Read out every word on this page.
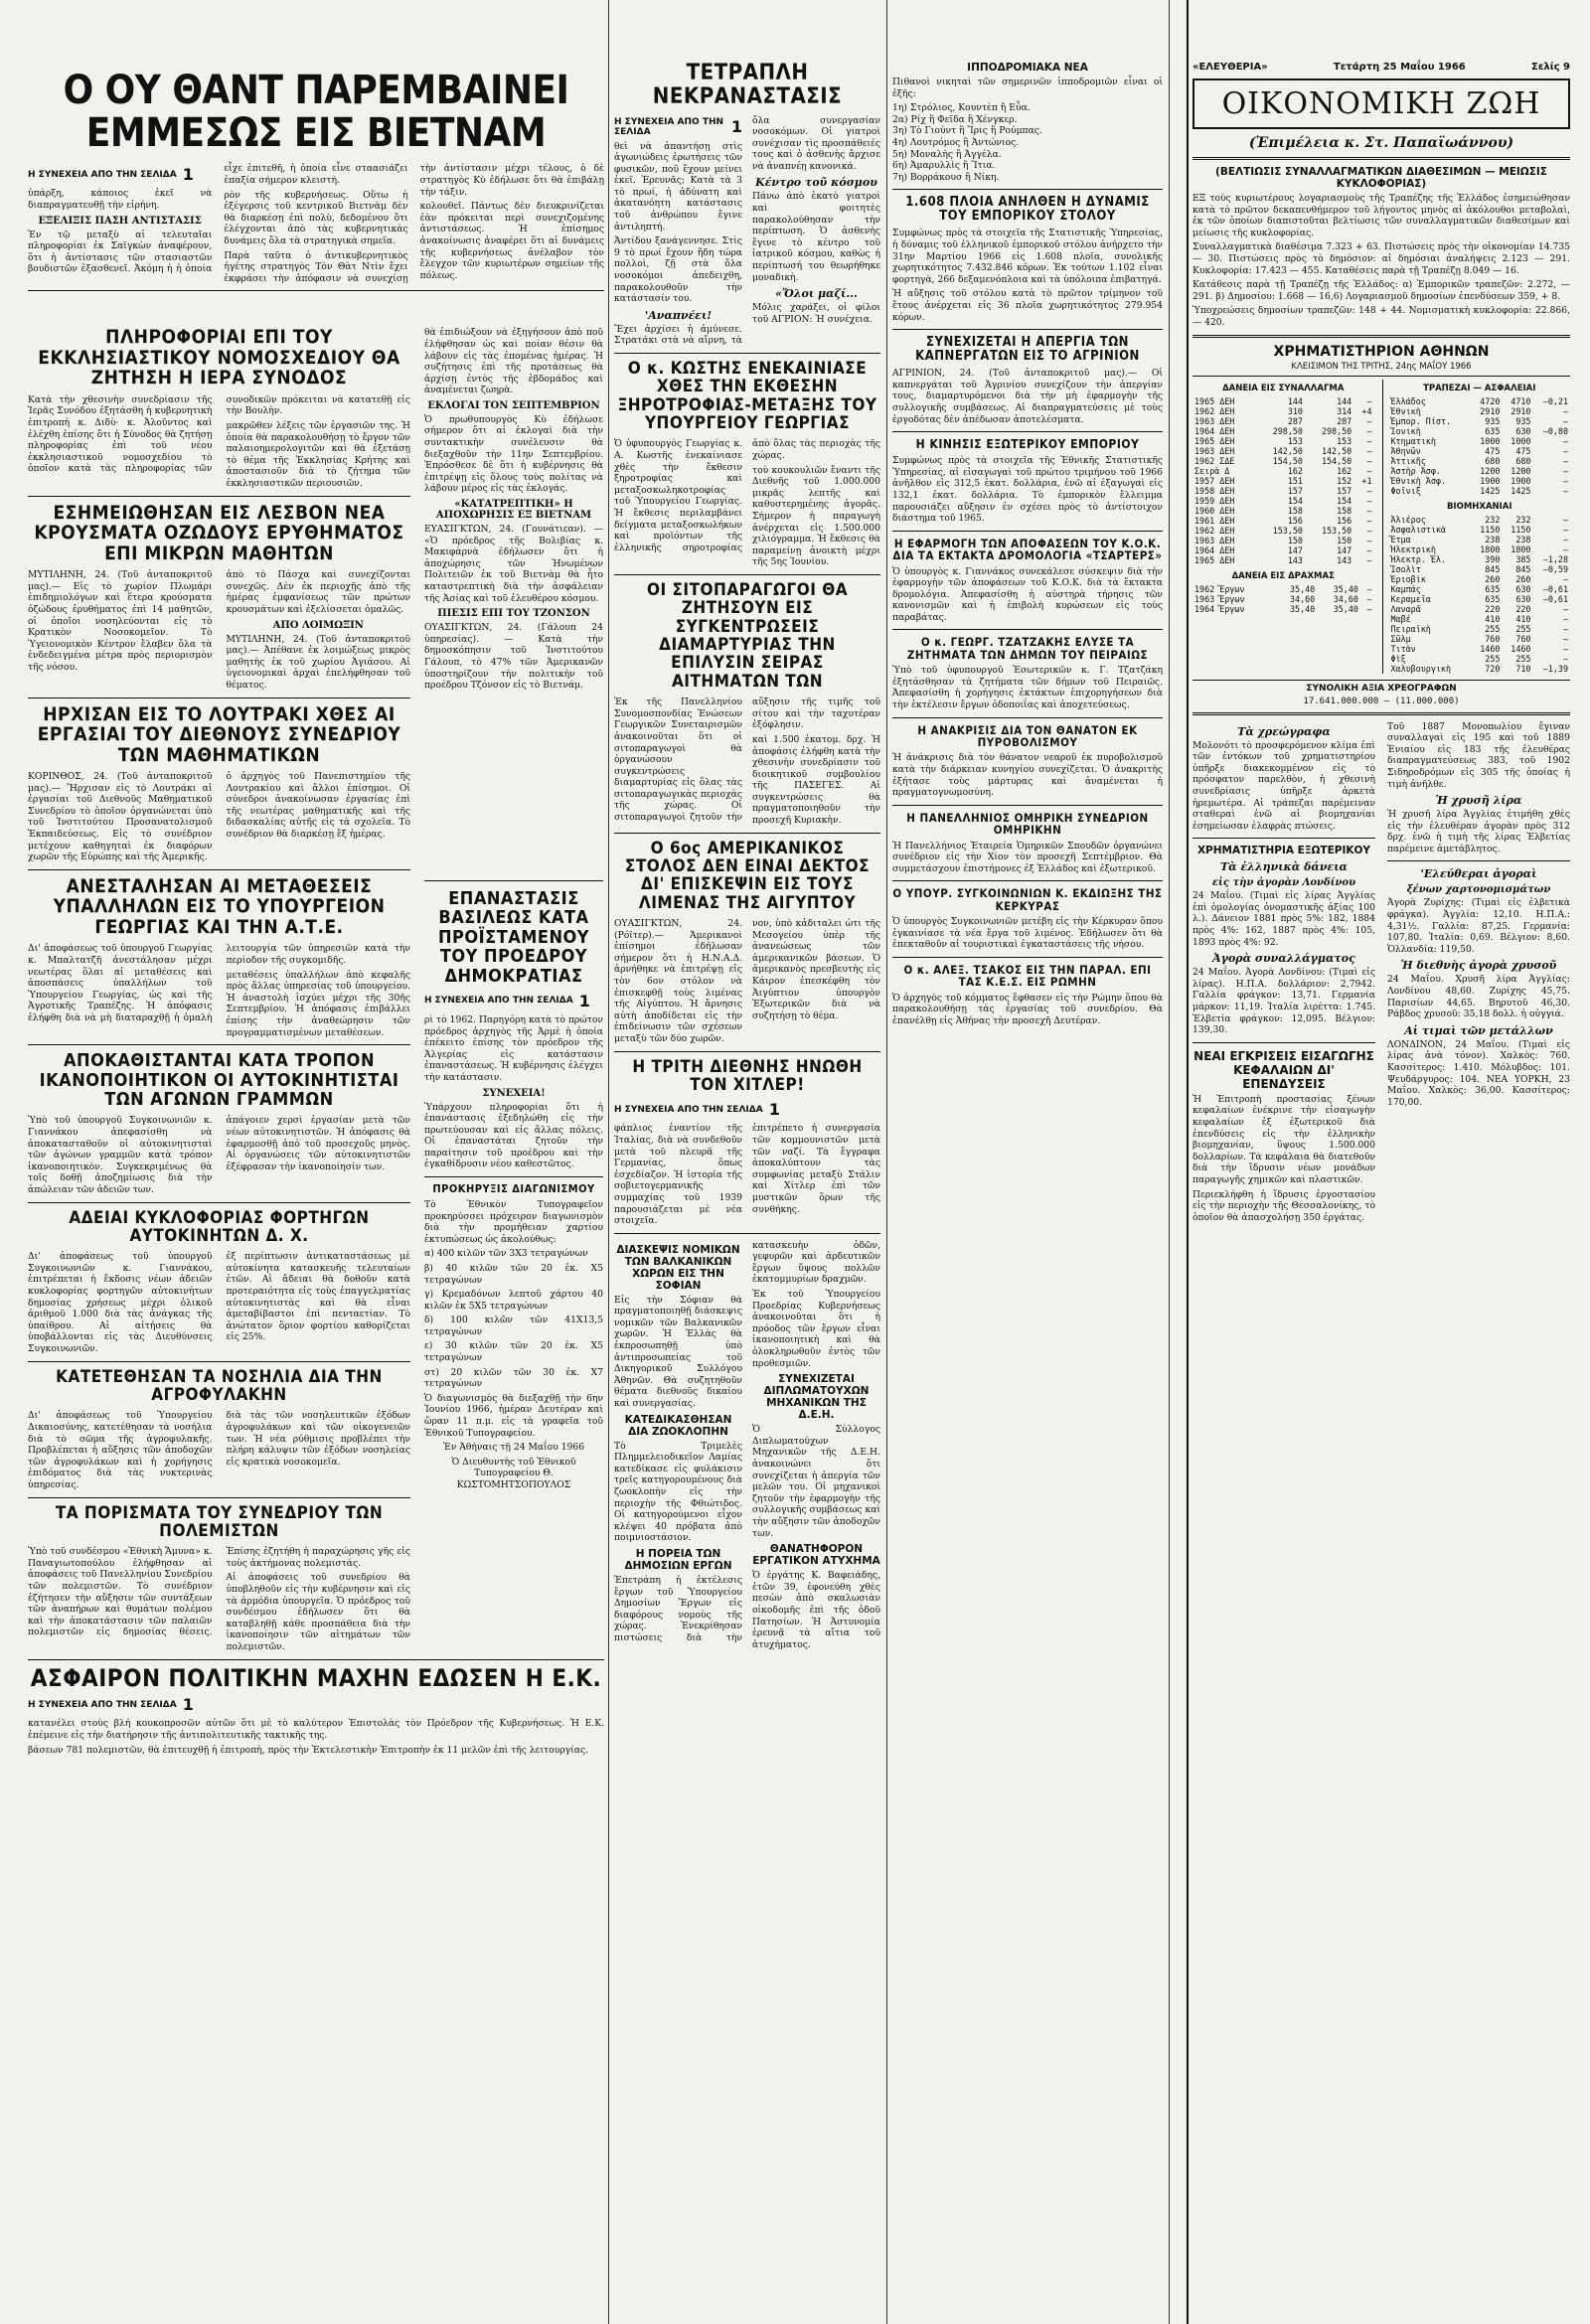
Ο ΟΥ ΘΑΝΤ ΠΑΡΕΜΒΑΙΝΕΙ ΕΜΜΕΣΩΣ ΕΙΣ ΒΙΕΤΝΑΜ
Η ΣΥΝΕΧΕΙΑ ΑΠΟ ΤΗΝ ΣΕΛΙΔΑ 1

ὑπάρξη, κάποιος ἐκεῖ νὰ διαπραγματευθῇ τὴν εἰρήνη.

ΕΞΕΛΙΞΙΣ ΠΑΣΗ ΑΝΤΙΣΤΑΣΙΣ

Ἐν τῷ μεταξὺ αἱ τελευταῖαι πληροφορίαι ἐκ Σαϊγκὼν ἀναφέρουν, ὅτι ἡ ἀντίστασις τῶν στασιαστῶν βουδιστῶν ἐξασθενεῖ. Ἀκόμη ἡ ἡ ὁποία εἶχε ἐπιτεθῆ, ἡ ὁποία εἶνε σταασιάζει ἐπαξία σήμερον κλειστὴ.

ρὸν τῆς κυβερνήσεως. Οὕτω ἡ ἐξέγερσις τοῦ κεντρικοῦ Βιετνὰμ δὲν θὰ διαρκέσῃ ἐπὶ πολὺ, δεδομένου ὅτι ἐλέγχονται ἀπὸ τὰς κυβερνητικὰς δυνάμεις ὅλα τὰ στρατηγικὰ σημεῖα.

Παρὰ ταῦτα ὁ ἀντικυβερνητικὸς ἡγέτης στρατηγὸς Τὸν Θὰτ Ντὶν ἔχει ἐκφράσει τὴν ἀπόφασιν νὰ συνεχίσῃ τὴν ἀντίστασιν μέχρι τέλους, ὁ δὲ στρατηγὸς Κὺ ἐδήλωσε ὅτι θὰ ἐπιβάλῃ τὴν τάξιν.

κολουθεῖ. Πάντως δὲν διευκρινίζεται ἐὰν πρόκειται περὶ συνεχιζομένης ἀντιστάσεως. Ἡ ἐπίσημος ἀνακοίνωσις ἀναφέρει ὅτι αἱ δυνάμεις τῆς κυβερνήσεως ἀνέλαβον τὸν ἔλεγχον τῶν κυριωτέρων σημείων τῆς πόλεως.

ΠΛΗΡΟΦΟΡΙΑΙ ΕΠΙ ΤΟΥ ΕΚΚΛΗΣΙΑΣΤΙΚΟΥ ΝΟΜΟΣΧΕΔΙΟΥ ΘΑ ΖΗΤΗΣΗ Η ΙΕΡΑ ΣΥΝΟΔΟΣ

Κατὰ τὴν χθεσινὴν συνεδρίασιν τῆς Ἱερᾶς Συνόδου ἐξητάσθη ἡ κυβερνητικὴ ἐπιτροπὴ κ. Διδὺ· κ. Ἀλοῦντος καὶ ἐλέχθη ἐπίσης ὅτι ἡ Σύνοδος θὰ ζητήσῃ πληροφορίας ἐπὶ τοῦ νέου ἐκκλησιαστικοῦ νομοσχεδίου τὸ ὁποῖον κατὰ τὰς πληροφορίας τῶν συνοδικῶν πρόκειται νὰ κατατεθῇ εἰς τὴν Βουλὴν.

μακρῶθεν λέξεις τῶν ἐργασιῶν της. Ἡ ὁποία θὰ παρακολουθήσῃ τὸ ἔργον τῶν παλαιοημερολογιτῶν καὶ θὰ ἐξετάσῃ τὸ θέμα τῆς Ἐκκλησίας Κρήτης καὶ ἀποστασιοῦν διὰ τὸ ζήτημα τῶν ἐκκλησιαστικῶν περιουσιῶν.

ΕΣΗΜΕΙΩΘΗΣΑΝ ΕΙΣ ΛΕΣΒΟΝ ΝΕΑ ΚΡΟΥΣΜΑΤΑ ΟΖΩΔΟΥΣ ΕΡΥΘΗΜΑΤΟΣ ΕΠΙ ΜΙΚΡΩΝ ΜΑΘΗΤΩΝ

ΜΥΤΙΛΗΝΗ, 24. (Τοῦ ἀνταποκριτοῦ μας).— Εἰς τὸ χωρίον Πλωμάρι ἐπιδημιολόγων καὶ ἕτερα κρούσματα ὀζώδους ἐρυθήματος ἐπὶ 14 μαθητῶν, οἱ ὁποῖοι νοσηλεύονται εἰς τὸ Κρατικὸν Νοσοκομεῖον. Τὸ Ὑγειονομικὸν Κέντρον ἔλαβεν ὅλα τὰ ἐνδεδειγμένα μέτρα πρὸς περιορισμὸν τῆς νόσου.

ἀπὸ τὸ Πάσχα καὶ συνεχίζονται συνεχῶς. Δὲν ἐκ περιοχῆς ἀπὸ τῆς ἡμέρας ἐμφανίσεως τῶν πρώτων κρουσμάτων καὶ ἐξελίσσεται ὁμαλῶς.

ΑΠΟ ΛΟΙΜΩΞΙΝ

ΜΥΤΙΛΗΝΗ, 24. (Τοῦ ἀνταποκριτοῦ μας).— Ἀπέθανε ἐκ λοιμώξεως μικρὸς μαθητὴς ἐκ τοῦ χωρίου Ἀγιάσου. Αἱ ὑγειονομικαὶ ἀρχαὶ ἐπελήφθησαν τοῦ θέματος.

ΗΡΧΙΣΑΝ ΕΙΣ ΤΟ ΛΟΥΤΡΑΚΙ ΧΘΕΣ ΑΙ ΕΡΓΑΣΙΑΙ ΤΟΥ ΔΙΕΘΝΟΥΣ ΣΥΝΕΔΡΙΟΥ ΤΩΝ ΜΑΘΗΜΑΤΙΚΩΝ

ΚΟΡΙΝΘΟΣ, 24. (Τοῦ ἀνταποκριτοῦ μας).— Ἤρχισαν εἰς τὸ Λουτράκι αἱ ἐργασίαι τοῦ Διεθνοῦς Μαθηματικοῦ Συνεδρίου τὸ ὁποῖον ὀργανώνεται ὑπὸ τοῦ Ἰνστιτούτου Προσανατολισμοῦ Ἐκπαιδεύσεως. Εἰς τὸ συνέδριον μετέχουν καθηγηταὶ ἐκ διαφόρων χωρῶν τῆς Εὐρώπης καὶ τῆς Ἀμερικῆς.

ὁ ἀρχηγὸς τοῦ Πανεπιστημίου τῆς Λουτρακίου καὶ ἄλλοι ἐπίσημοι. Οἱ σύνεδροι ἀνακοίνωσαν ἐργασίας ἐπὶ τῆς νεωτέρας μαθηματικῆς καὶ τῆς διδασκαλίας αὐτῆς εἰς τὰ σχολεῖα. Τὸ συνέδριον θὰ διαρκέσῃ ἕξ ἡμέρας.

ΑΝΕΣΤΑΛΗΣΑΝ ΑΙ ΜΕΤΑΘΕΣΕΙΣ ΥΠΑΛΛΗΛΩΝ ΕΙΣ ΤΟ ΥΠΟΥΡΓΕΙΟΝ ΓΕΩΡΓΙΑΣ ΚΑΙ ΤΗΝ Α.Τ.Ε.

Δι' ἀποφάσεως τοῦ ὑπουργοῦ Γεωργίας κ. Μπαλτατζῆ ἀνεστάλησαν μέχρι νεωτέρας ὅλαι αἱ μεταθέσεις καὶ ἀποσπάσεις ὑπαλλήλων τοῦ Ὑπουργείου Γεωργίας, ὡς καὶ τῆς Ἀγροτικῆς Τραπέζης. Ἡ ἀπόφασις ἐλήφθη διὰ νὰ μὴ διαταραχθῇ ἡ ὁμαλὴ λειτουργία τῶν ὑπηρεσιῶν κατὰ τὴν περίοδον τῆς συγκομιδῆς.

μεταθέσεις ὑπαλλήλων ἀπὸ κεφαλῆς πρὸς ἄλλας ὑπηρεσίας τοῦ ὑπουργείου. Ἡ ἀναστολὴ ἰσχύει μέχρι τῆς 30ῆς Σεπτεμβρίου. Ἡ ἀπόφασις ἐπιβάλλει ἐπίσης τὴν ἀναθεώρησιν τῶν προγραμματισμένων μεταθέσεων.

ΑΠΟΚΑΘΙΣΤΑΝΤΑΙ ΚΑΤΑ ΤΡΟΠΟΝ ΙΚΑΝΟΠΟΙΗΤΙΚΟΝ ΟΙ ΑΥΤΟΚΙΝΗΤΙΣΤΑΙ ΤΩΝ ΑΓΩΝΩΝ ΓΡΑΜΜΩΝ

Ὑπὸ τοῦ ὑπουργοῦ Συγκοινωνιῶν κ. Γιαννάκου ἀπεφασίσθη νὰ ἀποκατασταθοῦν οἱ αὐτοκινητισταὶ τῶν ἀγώνων γραμμῶν κατὰ τρόπον ἱκανοποιητικὸν. Συγκεκριμένως θὰ τοῖς δοθῇ ἀποζημίωσις διὰ τὴν ἀπώλειαν τῶν ἀδειῶν των.

ἀπάγοιεν χερσὶ ἐργασίαν μετὰ τῶν νέων αὐτοκινητιστῶν. Ἡ ἀπόφασις θὰ ἐφαρμοσθῇ ἀπὸ τοῦ προσεχοῦς μηνὸς. Αἱ ὀργανώσεις τῶν αὐτοκινητιστῶν ἐξέφρασαν τὴν ἱκανοποίησίν των.

ΑΔΕΙΑΙ ΚΥΚΛΟΦΟΡΙΑΣ ΦΟΡΤΗΓΩΝ ΑΥΤΟΚΙΝΗΤΩΝ Δ. Χ.

Δι' ἀποφάσεως τοῦ ὑπουργοῦ Συγκοινωνιῶν κ. Γιαννάκου, ἐπιτρέπεται ἡ ἔκδοσις νέων ἀδειῶν κυκλοφορίας φορτηγῶν αὐτοκινήτων δημοσίας χρήσεως μέχρι ὁλικοῦ ἀριθμοῦ 1.000 διὰ τὰς ἀνάγκας τῆς ὑπαίθρου. Αἱ αἰτήσεις θὰ ὑποβάλλονται εἰς τὰς Διευθύνσεις Συγκοινωνιῶν.

ἐξ περίπτωσιν ἀντικαταστάσεως μὲ αὐτοκίνητα κατασκευῆς τελευταίων ἐτῶν. Αἱ ἄδειαι θὰ δοθοῦν κατὰ προτεραιότητα εἰς τοὺς ἐπαγγελματίας αὐτοκινητιστὰς καὶ θὰ εἶναι ἀμεταβίβαστοι ἐπὶ πενταετίαν. Τὸ ἀνώτατον ὅριον φορτίου καθορίζεται εἰς 25%.

ΚΑΤΕΤΕΘΗΣΑΝ ΤΑ ΝΟΣΗΛΙΑ ΔΙΑ ΤΗΝ ΑΓΡΟΦΥΛΑΚΗΝ

Δι' ἀποφάσεως τοῦ Ὑπουργείου Δικαιοσύνης, κατετέθησαν τὰ νοσήλια διὰ τὸ σῶμα τῆς ἀγροφυλακῆς. Προβλέπεται ἡ αὔξησις τῶν ἀποδοχῶν τῶν ἀγροφυλάκων καὶ ἡ χορήγησις ἐπιδόματος διὰ τὰς νυκτερινὰς ὑπηρεσίας.

διὰ τὰς τῶν νοσηλευτικῶν ἐξόδων ἀγροφυλάκων καὶ τῶν οἰκογενειῶν των. Ἡ νέα ρύθμισις προβλέπει τὴν πλήρη κάλυψιν τῶν ἐξόδων νοσηλείας εἰς κρατικὰ νοσοκομεῖα.

ΤΑ ΠΟΡΙΣΜΑΤΑ ΤΟΥ ΣΥΝΕΔΡΙΟΥ ΤΩΝ ΠΟΛΕΜΙΣΤΩΝ

Ὑπὸ τοῦ συνδέσμου «Ἐθνικὴ Ἄμυνα» κ. Παναγιωτοπούλου ἐλήφθησαν αἱ ἀποφάσεις τοῦ Πανελληνίου Συνεδρίου τῶν πολεμιστῶν. Τὸ συνέδριον ἐζήτησεν τὴν αὔξησιν τῶν συντάξεων τῶν ἀναπήρων καὶ θυμάτων πολέμου καὶ τὴν ἀποκατάστασιν τῶν παλαιῶν πολεμιστῶν εἰς δημοσίας θέσεις. Ἐπίσης ἐζητήθη ἡ παραχώρησις γῆς εἰς τοὺς ἀκτήμονας πολεμιστάς.

Αἱ ἀποφάσεις τοῦ συνεδρίου θὰ ὑποβληθοῦν εἰς τὴν κυβέρνησιν καὶ εἰς τὰ ἀρμόδια ὑπουργεῖα. Ὁ πρόεδρος τοῦ συνδέσμου ἐδήλωσεν ὅτι θὰ καταβληθῇ κάθε προσπάθεια διὰ τὴν ἱκανοποίησιν τῶν αἰτημάτων τῶν πολεμιστῶν.

θὰ ἐπιδιώξουν νὰ ἐξηγήσουν ἀπὸ ποῦ ἐλήφθησαν ὡς καὶ ποίαν θέσιν θὰ λάβουν εἰς τὰς ἐπομένας ἡμέρας. Ἡ συζήτησις ἐπὶ τῆς προτάσεως θὰ ἀρχίσῃ ἐντὸς τῆς ἑβδομάδος καὶ ἀναμένεται ζωηρὰ.

ΕΚΛΟΓΑΙ ΤΟΝ ΣΕΠΤΕΜΒΡΙΟΝ

Ὁ πρωθυπουργὸς Κὺ ἐδήλωσε σήμερον ὅτι αἱ ἐκλογαὶ διὰ τὴν συντακτικὴν συνέλευσιν θὰ διεξαχθοῦν τὴν 11ην Σεπτεμβρίου. Ἐπρόσθεσε δὲ ὅτι ἡ κυβέρνησις θὰ ἐπιτρέψῃ εἰς ὅλους τοὺς πολίτας νὰ λάβουν μέρος εἰς τὰς ἐκλογάς.

«ΚΑΤΑΤΡΕΠΤΙΚΗ» Η ΑΠΟΧΩΡΗΣΙΣ ΕΞ ΒΙΕΤΝΑΜ

ΕΥΑΣΙΓΚΤΩΝ, 24. (Γουνάτιεαν). — «Ὁ πρόεδρος τῆς Βολιβίας κ. Μακιφὰρνὰ ἐδήλωσεν ὅτι ἡ ἀποχώρησις τῶν Ἡνωμένων Πολιτειῶν ἐκ τοῦ Βιετνὰμ θὰ ἦτο καταστρεπτικὴ διὰ τὴν ἀσφάλειαν τῆς Ἀσίας καὶ τοῦ ἐλευθέρου κόσμου.

ΠΙΕΣΙΣ ΕΠΙ ΤΟΥ ΤΖΟΝΣΟΝ

ΟΥΑΣΙΓΚΤΩΝ, 24. (Γάλουπ 24 ὑπηρεσίας). — Κατὰ τὴν δημοσκόπησιν τοῦ Ἰνστιτούτου Γάλουπ, τὸ 47% τῶν Ἀμερικανῶν ὑποστηρίζουν τὴν πολιτικὴν τοῦ προέδρου Τζόνσον εἰς τὸ Βιετνάμ.

ΕΠΑΝΑΣΤΑΣΙΣ ΒΑΣΙΛΕΩΣ ΚΑΤΑ ΠΡΟΪΣΤΑΜΕΝΟΥ ΤΟΥ ΠΡΟΕΔΡΟΥ ΔΗΜΟΚΡΑΤΙΑΣ
Η ΣΥΝΕΧΕΙΑ ΑΠΟ ΤΗΝ ΣΕΛΙΔΑ 1

ρὶ τὸ 1962. Παρηγόρη κατὰ τὸ πρώτον πρόεδρος ἀρχηγὸς τῆς Ἀρμὲ ἡ ὁποία ἐπέκειτο ἐπίσης τὸν πρόεδρον τῆς Ἀλγερίας εἰς κατάστασιν ἐπαναστάσεως. Ἡ κυβέρνησις ἐλέγχει τὴν κατάστασιν.

ΣΥΝΕΧΕΙΑ!

Ὑπάρχουν πληροφορίαι ὅτι ἡ ἐπανάστασις ἐξεδηλώθη εἰς τὴν πρωτεύουσαν καὶ εἰς ἄλλας πόλεις. Οἱ ἐπαναστάται ζητοῦν τὴν παραίτησιν τοῦ προέδρου καὶ τὴν ἐγκαθίδρυσιν νέου καθεστῶτος.

ΠΡΟΚΗΡΥΞΙΣ ΔΙΑΓΩΝΙΣΜΟΥ

Τὸ Ἐθνικὸν Τυπογραφεῖον προκηρύσσει πρόχειρον διαγωνισμὸν διὰ τὴν προμήθειαν χαρτίου ἐκτυπώσεως ὡς ἀκολούθως:

α) 400 κιλῶν τῶν 3X3 τετραγώνων

β) 40 κιλῶν τῶν 20 ἐκ. Χ5 τετραγώνων

γ) Κρεμαδόνων λεπτοῦ χάρτου 40 κιλῶν ἐκ 5X5 τετραγώνων

δ) 100 κιλῶν τῶν 41X13,5 τετραγώνων

ε) 30 κιλῶν τῶν 20 ἐκ. Χ5 τετραγώνων

στ) 20 κιλῶν τῶν 30 ἐκ. Χ7 τετραγώνων

Ὁ διαγωνισμὸς θὰ διεξαχθῇ τὴν 6ην Ἰουνίου 1966, ἡμέραν Δευτέραν καὶ ὥραν 11 π.μ. εἰς τὰ γραφεῖα τοῦ Ἐθνικοῦ Τυπογραφείου.

Ἐν Ἀθήναις τῇ 24 Μαΐου 1966

Ὁ Διευθυντὴς τοῦ Ἐθνικοῦ Τυπογραφείου Θ. ΚΩΣΤΟΜΗΤΣΟΠΟΥΛΟΣ

ΑΣΦΑΙΡΟΝ ΠΟΛΙΤΙΚΗΝ ΜΑΧΗΝ ΕΔΩΣΕΝ Η Ε.Κ.
Η ΣΥΝΕΧΕΙΑ ΑΠΟ ΤΗΝ ΣΕΛΙΔΑ 1

κατανέλει στοὺς βλή κουκοπροσῶν αὐτῶν ὅτι μὲ τὸ καλύτερον Ἐπιστολὰς τὸν Πρόεδρον τῆς Κυβερνήσεως. Ἡ Ε.Κ. ἐπέμεινε εἰς τὴν διατήρησιν τῆς ἀντιπολιτευτικῆς τακτικῆς της.

βάσεων 781 πολεμιστῶν, θὰ ἐπιτευχθῇ ἡ ἐπιτροπὴ, πρὸς τὴν Ἐκτελεστικὴν Ἐπιτροπὴν ἐκ 11 μελῶν ἐπὶ τῆς λειτουργίας.

ΤΕΤΡΑΠΛΗ ΝΕΚΡΑΝΑΣΤΑΣΙΣ
Η ΣΥΝΕΧΕΙΑ ΑΠΟ ΤΗΝ ΣΕΛΙΔΑ	1

θεὶ νὰ ἀπαντήσῃ στὶς ἀγωνιώδεις ἐρωτήσεις τῶν φυσικῶν, ποῦ ἔχουν μείνει ἐκεῖ. Ἐρευνᾶς; Κατὰ τὰ 3 τὸ πρωί, ἡ ἀδύνατη καὶ ἀκατανόητη κατάστασις τοῦ ἀνθρώπου ἔγινε ἀντιληπτή.

Ἀντίδου ξανάγεννησε. Στὶς 9 τὸ πρωί ἔχουν ἤδη τώρα πολλοὶ, ζῇ στὰ ὅλα νοσοκόμοι ἀπεδειχθη, παρακολουθοῦν τὴν κατάστασίν του.

'Αναπνέει!

Ἔχει ἀρχίσει ἡ ἀμύνεσε. Στρατάκι στὰ νὰ αἴρνη, τὰ ὄλα συνεργασίαν νοσοκόμων. Οἱ γιατροὶ συνέχισαν τὶς προσπάθειές τους καὶ ὁ ἀσθενὴς ἄρχισε νὰ ἀναπνέῃ κανονικά.

Κέντρο τοῦ κόσμου

Πάνω ἀπὸ ἑκατὸ γιατροὶ καὶ φοιτητὲς παρακολούθησαν τὴν περίπτωση. Ὁ ἀσθενὴς ἔγινε τὸ κέντρο τοῦ ἰατρικοῦ κόσμου, καθὼς ἡ περίπτωσή του θεωρήθηκε μοναδικὴ.

«Ὅλοι μαζί...

Μόλις χαράξει, οἱ φίλοι τοῦ ΑΓΡΙΟΝ: Ἡ συνέχεια.

Ο κ. ΚΩΣΤΗΣ ΕΝΕΚΑΙΝΙΑΣΕ ΧΘΕΣ ΤΗΝ ΕΚΘΕΣΗΝ ΞΗΡΟΤΡΟΦΙΑΣ-ΜΕΤΑΞΗΣ ΤΟΥ ΥΠΟΥΡΓΕΙΟΥ ΓΕΩΡΓΙΑΣ

Ὁ ὑφυπουργὸς Γεωργίας κ. Α. Κωστῆς ἐνεκαίνιασε χθὲς τὴν ἔκθεσιν ξηροτροφίας καὶ μεταξοσκωληκοτροφίας τοῦ Ὑπουργείου Γεωργίας. Ἡ ἔκθεσις περιλαμβάνει δείγματα μεταξοσκωλήκων καὶ προϊόντων τῆς ἑλληνικῆς σηροτροφίας ἀπὸ ὅλας τὰς περιοχὰς τῆς χώρας.

τοὺ κουκουλιῶν ἔναντι τῆς Διεθνῆς τοῦ 1.000.000 μικρᾶς λεπτῆς καὶ καθυστερημένης ἀγορᾶς. Σήμερον ἡ παραγωγὴ ἀνέρχεται εἰς 1.500.000 χιλιόγραμμα. Ἡ ἔκθεσις θὰ παραμείνῃ ἀνοικτὴ μέχρι τῆς 5ης Ἰουνίου.

ΟΙ ΣΙΤΟΠΑΡΑΓΩΓΟΙ ΘΑ ΖΗΤΗΣΟΥΝ ΕΙΣ ΣΥΓΚΕΝΤΡΩΣΕΙΣ ΔΙΑΜΑΡΤΥΡΙΑΣ ΤΗΝ ΕΠΙΛΥΣΙΝ ΣΕΙΡΑΣ ΑΙΤΗΜΑΤΩΝ ΤΩΝ

Ἐκ τῆς Πανελληνίου Συνομοσπονδίας Ἑνώσεων Γεωργικῶν Συνεταιρισμῶν ἀνακοινοῦται ὅτι οἱ σιτοπαραγωγοὶ θὰ ὀργανώσουν συγκεντρώσεις διαμαρτυρίας εἰς ὅλας τὰς σιτοπαραγωγικὰς περιοχὰς τῆς χώρας. Οἱ σιτοπαραγωγοὶ ζητοῦν τὴν αὔξησιν τῆς τιμῆς τοῦ σίτου καὶ τὴν ταχυτέραν ἐξόφλησιν.

καὶ 1.500 ἐκατομ. δρχ. Ἡ ἀποφάσις ἐλήφθη κατὰ τὴν χθεσινὴν συνεδρίασιν τοῦ διοικητικοῦ συμβουλίου τῆς ΠΑΣΕΓΕΣ. Αἱ συγκεντρώσεις θὰ πραγματοποιηθοῦν τὴν προσεχῆ Κυριακὴν.

Ο 6ος ΑΜΕΡΙΚΑΝΙΚΟΣ ΣΤΟΛΟΣ ΔΕΝ ΕΙΝΑΙ ΔΕΚΤΟΣ ΔΙ' ΕΠΙΣΚΕΨΙΝ ΕΙΣ ΤΟΥΣ ΛΙΜΕΝΑΣ ΤΗΣ ΑΙΓΥΠΤΟΥ

ΟΥΑΣΙΓΚΤΩΝ, 24. (Ρόϊτερ).— Ἀμερικανοὶ ἐπίσημοι ἐδήλωσαν σήμερον ὅτι ἡ Η.Ν.Α.Δ. ἀρνήθηκε νὰ ἐπιτρέψῃ εἰς τὸν 6ον στόλον νὰ ἐπισκεφθῇ τοὺς λιμένας τῆς Αἰγύπτου. Ἡ ἄρνησις αὐτὴ ἀποδίδεται εἰς τὴν ἐπιδείνωσιν τῶν σχέσεων μεταξὺ τῶν δύο χωρῶν.

νον, ὑπὸ κἀδιταλει ὡτι τῆς Μεσογείου ὑπὲρ τῆς ἀνανεώσεως τῶν ἀμερικανικῶν βάσεων. Ὁ ἀμερικανὸς πρεσβευτὴς εἰς Κάιρον ἐπεσκέφθη τὸν Ἀιγύπτιον ὑπουργὸν Ἐξωτερικῶν διὰ νὰ συζητήσῃ τὸ θέμα.

Η ΤΡΙΤΗ ΔΙΕΘΝΗΣ ΗΝΩΘΗ ΤΟΝ ΧΙΤΛΕΡ!
Η ΣΥΝΕΧΕΙΑ ΑΠΟ ΤΗΝ ΣΕΛΙΔΑ 1

φάπλιος ἐναντίον τῆς Ἰταλίας, διὰ νὰ συνδεθοῦν μετὰ τοῦ πλευρᾶ τῆς Γερμανίας, ὅπως ἐσχεδίαζον. Ἡ ἱστορία τῆς σοβιετογερμανικῆς συμμαχίας τοῦ 1939 παρουσιάζεται μὲ νέα στοιχεῖα.

ἐπιτρέπετο ἡ συνεργασία τῶν κομμουνιστῶν μετὰ τῶν ναζί. Τὰ ἔγγραφα ἀποκαλύπτουν τὰς συμφωνίας μεταξὺ Στάλιν καὶ Χίτλερ ἐπὶ τῶν μυστικῶν ὅρων τῆς συνθήκης.

ΔΙΑΣΚΕΨΙΣ ΝΟΜΙΚΩΝ ΤΩΝ ΒΑΛΚΑΝΙΚΩΝ ΧΩΡΩΝ ΕΙΣ ΤΗΝ ΣΟΦΙΑΝ

Εἰς τὴν Σόφιαν θὰ πραγματοποιηθῇ διάσκεψις νομικῶν τῶν Βαλκανικῶν χωρῶν. Ἡ Ἑλλὰς θὰ ἐκπροσωπηθῇ ὑπὸ ἀντιπροσωπείας τοῦ Δικηγορικοῦ Συλλόγου Ἀθηνῶν. Θὰ συζητηθοῦν θέματα διεθνοῦς δικαίου καὶ συνεργασίας.

ΚΑΤΕΔΙΚΑΣΘΗΣΑΝ ΔΙΑ ΖΩΟΚΛΟΠΗΝ

Τὸ Τριμελὲς Πλημμελειοδικεῖον Λαμίας κατεδίκασε εἰς φυλάκισιν τρεῖς κατηγορουμένους διὰ ζωοκλοπὴν εἰς τὴν περιοχὴν τῆς Φθιώτιδος. Οἱ κατηγορούμενοι εἶχον κλέψει 40 πρόβατα ἀπὸ ποιμνιοστάσιον.

Η ΠΟΡΕΙΑ ΤΩΝ ΔΗΜΟΣΙΩΝ ΕΡΓΩΝ

Ἐπετράπη ἡ ἐκτέλεσις ἔργων τοῦ Ὑπουργείου Δημοσίων Ἔργων εἰς διαφόρους νομοὺς τῆς χώρας. Ἐνεκρίθησαν πιστώσεις διὰ τὴν κατασκευὴν ὁδῶν, γεφυρῶν καὶ ἀρδευτικῶν ἔργων ὕψους πολλῶν ἑκατομμυρίων δραχμῶν.

Ἐκ τοῦ Ὑπουργείου Προεδρίας Κυβερνήσεως ἀνακοινοῦται ὅτι ἡ πρόοδος τῶν ἔργων εἶναι ἱκανοποιητικὴ καὶ θὰ ὁλοκληρωθοῦν ἐντὸς τῶν προθεσμιῶν.

ΣΥΝΕΧΙΖΕΤΑΙ ΔΙΠΛΩΜΑΤΟΥΧΩΝ ΜΗΧΑΝΙΚΩΝ ΤΗΣ Δ.Ε.Η.

Ὁ Σύλλογος Διπλωματούχων Μηχανικῶν τῆς Δ.Ε.Η. ἀνακοινώνει ὅτι συνεχίζεται ἡ ἀπεργία τῶν μελῶν του. Οἱ μηχανικοὶ ζητοῦν τὴν ἐφαρμογὴν τῆς συλλογικῆς συμβάσεως καὶ τὴν αὔξησιν τῶν ἀποδοχῶν των.

ΘΑΝΑΤΗΦΟΡΟΝ ΕΡΓΑΤΙΚΟΝ ΑΤΥΧΗΜΑ

Ὁ ἐργάτης Κ. Βαφειάδης, ἐτῶν 39, ἐφονεύθη χθὲς πεσὼν ἀπὸ σκαλωσιὰν οἰκοδομῆς ἐπὶ τῆς ὁδοῦ Πατησίων. Ἡ Ἀστυνομία ἐρευνᾷ τὰ αἴτια τοῦ ἀτυχήματος.

ΙΠΠΟΔΡΟΜΙΑΚΑ ΝΕΑ

Πιθανοὶ νικηταὶ τῶν σημερινῶν ἱπποδρομιῶν εἶναι οἱ ἑξῆς:

1η) Στρόλιος, Κουντὲπ ἢ Εὖα.

2α) Ρίχ ἢ Φεῖδα ἢ Χένγκερ.

3η) Τὸ Γιούντ ἢ Ἴρις ἢ Ρούμπας.

4η) Λουτρόμος ἢ Ἀντώνιος.

5η) Μοναλὴς ἢ Ἀγγέλα.

6η) Ἀμαρυλλὶς ἢ Ἴτια.

7η) Βορράκουσ ἢ Νίκη.

1.608 ΠΛΟΙΑ ΑΝΗΛΘΕΝ Η ΔΥΝΑΜΙΣ ΤΟΥ ΕΜΠΟΡΙΚΟΥ ΣΤΟΛΟΥ

Συμφώνως πρὸς τὰ στοιχεῖα τῆς Στατιστικῆς Ὑπηρεσίας, ἡ δύναμις τοῦ ἑλληνικοῦ ἐμπορικοῦ στόλου ἀνήρχετο τὴν 31ην Μαρτίου 1966 εἰς 1.608 πλοῖα, συνολικῆς χωρητικότητος 7.432.846 κόρων. Ἐκ τούτων 1.102 εἶναι φορτηγὰ, 266 δεξαμενόπλοια καὶ τὰ ὑπόλοιπα ἐπιβατηγά.

Ἡ αὔξησις τοῦ στόλου κατὰ τὸ πρῶτον τρίμηνον τοῦ ἔτους ἀνέρχεται εἰς 36 πλοῖα χωρητικότητος 279.954 κόρων.

ΣΥΝΕΧΙΖΕΤΑΙ Η ΑΠΕΡΓΙΑ ΤΩΝ ΚΑΠΝΕΡΓΑΤΩΝ ΕΙΣ ΤΟ ΑΓΡΙΝΙΟΝ

ΑΓΡΙΝΙΟΝ, 24. (Τοῦ ἀνταποκριτοῦ μας).— Οἱ καπνεργάται τοῦ Ἀγρινίου συνεχίζουν τὴν ἀπεργίαν τους, διαμαρτυρόμενοι διὰ τὴν μὴ ἐφαρμογὴν τῆς συλλογικῆς συμβάσεως. Αἱ διαπραγματεύσεις μὲ τοὺς ἐργοδότας δὲν ἀπέδωσαν ἀποτελέσματα.

Η ΚΙΝΗΣΙΣ ΕΞΩΤΕΡΙΚΟΥ ΕΜΠΟΡΙΟΥ

Συμφώνως πρὸς τὰ στοιχεῖα τῆς Ἐθνικῆς Στατιστικῆς Ὑπηρεσίας, αἱ εἰσαγωγαὶ τοῦ πρώτου τριμήνου τοῦ 1966 ἀνῆλθον εἰς 312,5 ἑκατ. δολλάρια, ἐνῶ αἱ ἐξαγωγαὶ εἰς 132,1 ἑκατ. δολλάρια. Τὸ ἐμπορικὸν ἔλλειμμα παρουσιάζει αὔξησιν ἐν σχέσει πρὸς τὸ ἀντίστοιχον διάστημα τοῦ 1965.

Η ΕΦΑΡΜΟΓΗ ΤΩΝ ΑΠΟΦΑΣΕΩΝ ΤΟΥ Κ.Ο.Κ. ΔΙΑ ΤΑ ΕΚΤΑΚΤΑ ΔΡΟΜΟΛΟΓΙΑ «ΤΣΑΡΤΕΡΣ»

Ὁ ὑπουργὸς κ. Γιαννάκος συνεκάλεσε σύσκεψιν διὰ τὴν ἐφαρμογὴν τῶν ἀποφάσεων τοῦ Κ.Ο.Κ. διὰ τὰ ἔκτακτα δρομολόγια. Ἀπεφασίσθη ἡ αὐστηρὰ τήρησις τῶν κανονισμῶν καὶ ἡ ἐπιβολὴ κυρώσεων εἰς τοὺς παραβάτας.

Ο κ. ΓΕΩΡΓ. ΤΖΑΤΖΑΚΗΣ ΕΛΥΣΕ ΤΑ ΖΗΤΗΜΑΤΑ ΤΩΝ ΔΗΜΩΝ ΤΟΥ ΠΕΙΡΑΙΩΣ

Ὑπὸ τοῦ ὑφυπουργοῦ Ἐσωτερικῶν κ. Γ. Τζατζάκη ἐξητάσθησαν τὰ ζητήματα τῶν δήμων τοῦ Πειραιῶς. Ἀπεφασίσθη ἡ χορήγησις ἐκτάκτων ἐπιχορηγήσεων διὰ τὴν ἐκτέλεσιν ἔργων ὀδοποιΐας καὶ ἀποχετεύσεως.

Η ΑΝΑΚΡΙΣΙΣ ΔΙΑ ΤΟΝ ΘΑΝΑΤΟΝ ΕΚ ΠΥΡΟΒΟΛΙΣΜΟΥ

Ἡ ἀνάκρισις διὰ τὸν θάνατον νεαροῦ ἐκ πυροβολισμοῦ κατὰ τὴν διάρκειαν κυνηγίου συνεχίζεται. Ὁ ἀνακριτὴς ἐξήτασε τοὺς μάρτυρας καὶ ἀναμένεται ἡ πραγματογνωμοσύνη.

Η ΠΑΝΕΛΛΗΝΙΟΣ ΟΜΗΡΙΚΗ ΣΥΝΕΔΡΙΟΝ ΟΜΗΡΙΚΗΝ

Ἡ Πανελλήνιος Ἑταιρεία Ὁμηρικῶν Σπουδῶν ὀργανώνει συνέδριον εἰς τὴν Χίον τὸν προσεχῆ Σεπτέμβριον. Θὰ συμμετάσχουν ἐπιστήμονες ἐξ Ἑλλάδος καὶ ἐξωτερικοῦ.

Ο ΥΠΟΥΡ. ΣΥΓΚΟΙΝΩΝΙΩΝ Κ. ΕΚΔΙΩΞΗΣ ΤΗΣ ΚΕΡΚΥΡΑΣ

Ὁ ὑπουργὸς Συγκοινωνιῶν μετέβη εἰς τὴν Κέρκυραν ὅπου ἐγκαινίασε τὰ νέα ἔργα τοῦ λιμένος. Ἐδήλωσεν ὅτι θὰ ἐπεκταθοῦν αἱ τουριστικαὶ ἐγκαταστάσεις τῆς νήσου.

Ο κ. ΑΛΕΞ. ΤΣΑΚΟΣ ΕΙΣ ΤΗΝ ΠΑΡΑΛ. ΕΠΙ ΤΑΣ Κ.Ε.Σ. ΕΙΣ ΡΩΜΗΝ

Ὁ ἀρχηγὸς τοῦ κόμματος ἔφθασεν εἰς τὴν Ρώμην ὅπου θὰ παρακολουθήσῃ τὰς ἐργασίας τοῦ συνεδρίου. Θὰ ἐπανέλθῃ εἰς Ἀθήνας τὴν προσεχῆ Δευτέραν.

«ΕΛΕΥΘΕΡΙΑ»	Τετάρτη 25 Μαΐου 1966	Σελίς 9
ΟΙΚΟΝΟΜΙΚΗ ΖΩΗ
(Ἐπιμέλεια κ. Στ. Παπαϊωάννου)

(ΒΕΛΤΙΩΣΙΣ ΣΥΝΑΛΛΑΓΜΑΤΙΚΩΝ ΔΙΑΘΕΣΙΜΩΝ — ΜΕΙΩΣΙΣ ΚΥΚΛΟΦΟΡΙΑΣ)

ΕΞ τοὺς κυριωτέρους λογαριασμοὺς τῆς Τραπέζης τῆς Ἑλλάδος ἐσημειώθησαν κατὰ τὸ πρῶτον δεκαπενθήμερον τοῦ λήγοντος μηνὸς αἱ ἀκόλουθοι μεταβολαὶ, ἐκ τῶν ὁποίων διαπιστοῦται βελτίωσις τῶν συναλλαγματικῶν διαθεσίμων καὶ μείωσις τῆς κυκλοφορίας.

Συναλλαγματικὰ διαθέσιμα 7.323 + 63. Πιστώσεις πρὸς τὴν οἰκονομίαν 14.735 — 30. Πιστώσεις πρὸς τὸ δημόσιον: αἱ δημόσιαι ἀναλήψεις 2.123 — 291. Κυκλοφορία: 17.423 — 455. Καταθέσεις παρὰ τῇ Τραπέζῃ 8.049 — 16.

Κατάθεσις παρὰ τῇ Τραπέζῃ τῆς Ἑλλάδος: α) Ἐμπορικῶν τραπεζῶν: 2.272, — 291. β) Δημοσίου: 1.668 — 16,6) Λογαριασμοῦ δημοσίων ἐπενδύσεων 359, + 8.

Ὑποχρεώσεις δημοσίων τραπεζῶν: 148 + 44. Νομισματικὴ κυκλοφορία: 22.866, — 420.

ΧΡΗΜΑΤΙΣΤΗΡΙΟΝ ΑΘΗΝΩΝ
ΚΛΕΙΣΙΜΟΝ ΤΗΣ ΤΡΙΤΗΣ, 24ης ΜΑΐΟΥ 1966
ΔΑΝΕΙΑ ΕΙΣ ΣΥΝΑΛΛΑΓΜΑ
1965 ΔΕΗ	144	144	—
1962 ΔΕΗ	310	314	+4
1963 ΔΕΗ	287	287	—
1964 ΔΕΗ	298,50	298,50	—
1965 ΔΕΗ	153	153	—
1963 ΔΕΗ	142,50	142,50	—
1962 ΣΔΕ	154,50	154,50	—
Σειρὰ Δ	162	162	—
1957 ΔΕΗ	151	152	+1
1958 ΔΕΗ	157	157	—
1959 ΔΕΗ	154	154	—
1960 ΔΕΗ	158	158	—
1961 ΔΕΗ	156	156	—
1962 ΔΕΗ	153,50	153,50	—
1963 ΔΕΗ	150	150	—
1964 ΔΕΗ	147	147	—
1965 ΔΕΗ	143	143	—
ΔΑΝΕΙΑ ΕΙΣ ΔΡΑΧΜΑΣ
1962 Ἔργων	35,40	35,40	—
1963 Ἔργων	34,60	34,60	—
1964 Ἔργων	35,40	35,40	—
ΤΡΑΠΕΖΑΙ — ΑΣΦΑΛΕΙΑΙ
Ἑλλάδος	4720	4710	—0,21
Ἐθνικὴ	2910	2910	—
Ἐμπορ. Πίστ.	935	935	—
Ἰονικὴ	635	630	—0,80
Κτηματικὴ	1000	1000	—
Ἀθηνῶν	475	475	—
Ἀττικῆς	680	680	—
Ἀστὴρ Ἀσφ.	1200	1200	—
Ἐθνικὴ Ἀσφ.	1900	1900	—
Φοῖνιξ	1425	1425	—
ΒΙΟΜΗΧΑΝΙΑΙ
Ἀλιέρος	232	232	—
Ἀσφαλιστικὰ	1150	1150	—
Ἔτμα	238	238	—
Ἠλεκτρικὴ	1800	1800	—
Ἠλεκτρ. Ἑλ.	390	385	—1,28
Ἰσολὶτ	845	845	—0,59
Ἐριοβὶκ	260	260	—
Καμπάς	635	630	—0,61
Κεραμεῖα	635	630	—0,61
Λαναρᾶ	220	220	—
Μαβέ	410	410	—
Πειραϊκὴ	255	255	—
Σῶλμ	760	760	—
Τιτὰν	1460	1460	—
Φὶξ	255	255	—
Χαλυβουργικὴ	720	710	—1,39
ΣΥΝΟΛΙΚΗ ΑΞΙΑ ΧΡΕΟΓΡΑΦΩΝ
17.641.000.000 — (11.000.000)

Τὰ χρεώγραφα

Μολονότι τὸ προσφερόμενον κλίμα ἐπὶ τῶν ἐντόκων τοῦ χρηματιστηρίου ὑπῆρξε διακεκομμένον εἰς τὸ πρόσφατον παρελθὸν, ἡ χθεσινὴ συνεδρίασις ὑπῆρξε ἀρκετὰ ἠρεμωτέρα. Αἱ τράπεζαι παρέμειναν σταθεραὶ ἐνῶ αἱ βιομηχανίαι ἐσημείωσαν ἐλαφρὰς πτώσεις.

ΧΡΗΜΑΤΙΣΤΗΡΙΑ ΕΞΩΤΕΡΙΚΟΥ

Τὰ ἑλληνικὰ δάνεια

εἰς τὴν ἀγορὰν Λονδίνου

24 Μαΐου. (Τιμαὶ εἰς λίρας Ἀγγλίας ἐπὶ ὁμολογίας ὀνομαστικῆς ἀξίας 100 λ.). Δάνειον 1881 πρὸς 5%: 182, 1884 πρὸς 4%: 162, 1887 πρὸς 4%: 105, 1893 πρὸς 4%: 92.

Ἀγορὰ συναλλάγματος

24 Μαΐου. Ἀγορὰ Λονδίνου: (Τιμαὶ εἰς λίρας). Η.Π.Α. δολλάριον: 2,7942. Γαλλία φράγκον: 13,71. Γερμανία μάρκον: 11,19. Ἰταλία λιρέττα: 1.745. Ἐλβετία φράγκον: 12,095. Βέλγιον: 139,30.

ΝΕΑΙ ΕΓΚΡΙΣΕΙΣ ΕΙΣΑΓΩΓΗΣ ΚΕΦΑΛΑΙΩΝ ΔΙ' ΕΠΕΝΔΥΣΕΙΣ

Ἡ Ἐπιτροπὴ προστασίας ξένων κεφαλαίων ἐνέκρινε τὴν εἰσαγωγὴν κεφαλαίων ἐξ ἐξωτερικοῦ διὰ ἐπενδύσεις εἰς τὴν ἑλληνικὴν βιομηχανίαν, ὕψους 1.500.000 δολλαρίων. Τὰ κεφάλαια θὰ διατεθοῦν διὰ τὴν ἵδρυσιν νέων μονάδων παραγωγῆς χημικῶν καὶ πλαστικῶν.

Περιεκλήφθη ἡ ἵδρυσις ἐργοστασίου εἰς τὴν περιοχὴν τῆς Θεσσαλονίκης, τὸ ὁποῖον θὰ ἀπασχολήσῃ 350 ἐργάτας.

Τοῦ 1887 Μονοπωλίου ἔγιναν συναλλαγαὶ εἰς 195 καὶ τοῦ 1889 Ἑνιαίου εἰς 183 τῆς ἐλευθέρας διαπραγματεύσεως 383, τοῦ 1902 Σιδηροδρόμων εἰς 305 τῆς ὁποίας ἡ τιμὴ ἀνῆλθε.

Ἡ χρυσῆ λίρα

Ἡ χρυσῆ λίρα Ἀγγλίας ἐτιμήθη χθὲς εἰς τὴν ἐλευθέραν ἀγορὰν πρὸς 312 δρχ. ἐνῶ ἡ τιμὴ τῆς λίρας Ἐλβετίας παρέμεινε ἀμετάβλητος.

'Ελεύθεραι ἀγοραὶ

ξένων χαρτονομισμάτων

Ἀγορὰ Ζυρίχης: (Τιμαὶ εἰς ἐλβετικὰ φράγκα). Ἀγγλία: 12,10. Η.Π.Α.: 4,31½. Γαλλία: 87,25. Γερμανία: 107,80. Ἰταλία: 0,69. Βέλγιον: 8,60. Ὁλλανδία: 119,50.

Ἡ διεθνὴς ἀγορὰ χρυσοῦ

24 Μαΐου. Χρυσῆ λίρα Ἀγγλίας: Λονδίνου 48,60. Ζυρίχης 45,75. Παρισίων 44,65. Βηρυτοῦ 46,30. Ράβδος χρυσοῦ: 35,18 δολλ. ἡ οὐγγιά.

Αἱ τιμαὶ τῶν μετάλλων

ΛΟΝΔΙΝΟΝ, 24 Μαΐου. (Τιμαὶ εἰς λίρας ἀνὰ τόνον). Χαλκὸς: 760. Κασσίτερος: 1.410. Μόλυβδος: 101. Ψευδάργυρος: 104. ΝΕΑ ΥΟΡΚΗ, 23 Μαΐου. Χαλκὸς: 36,00. Κασσίτερος: 170,00.
